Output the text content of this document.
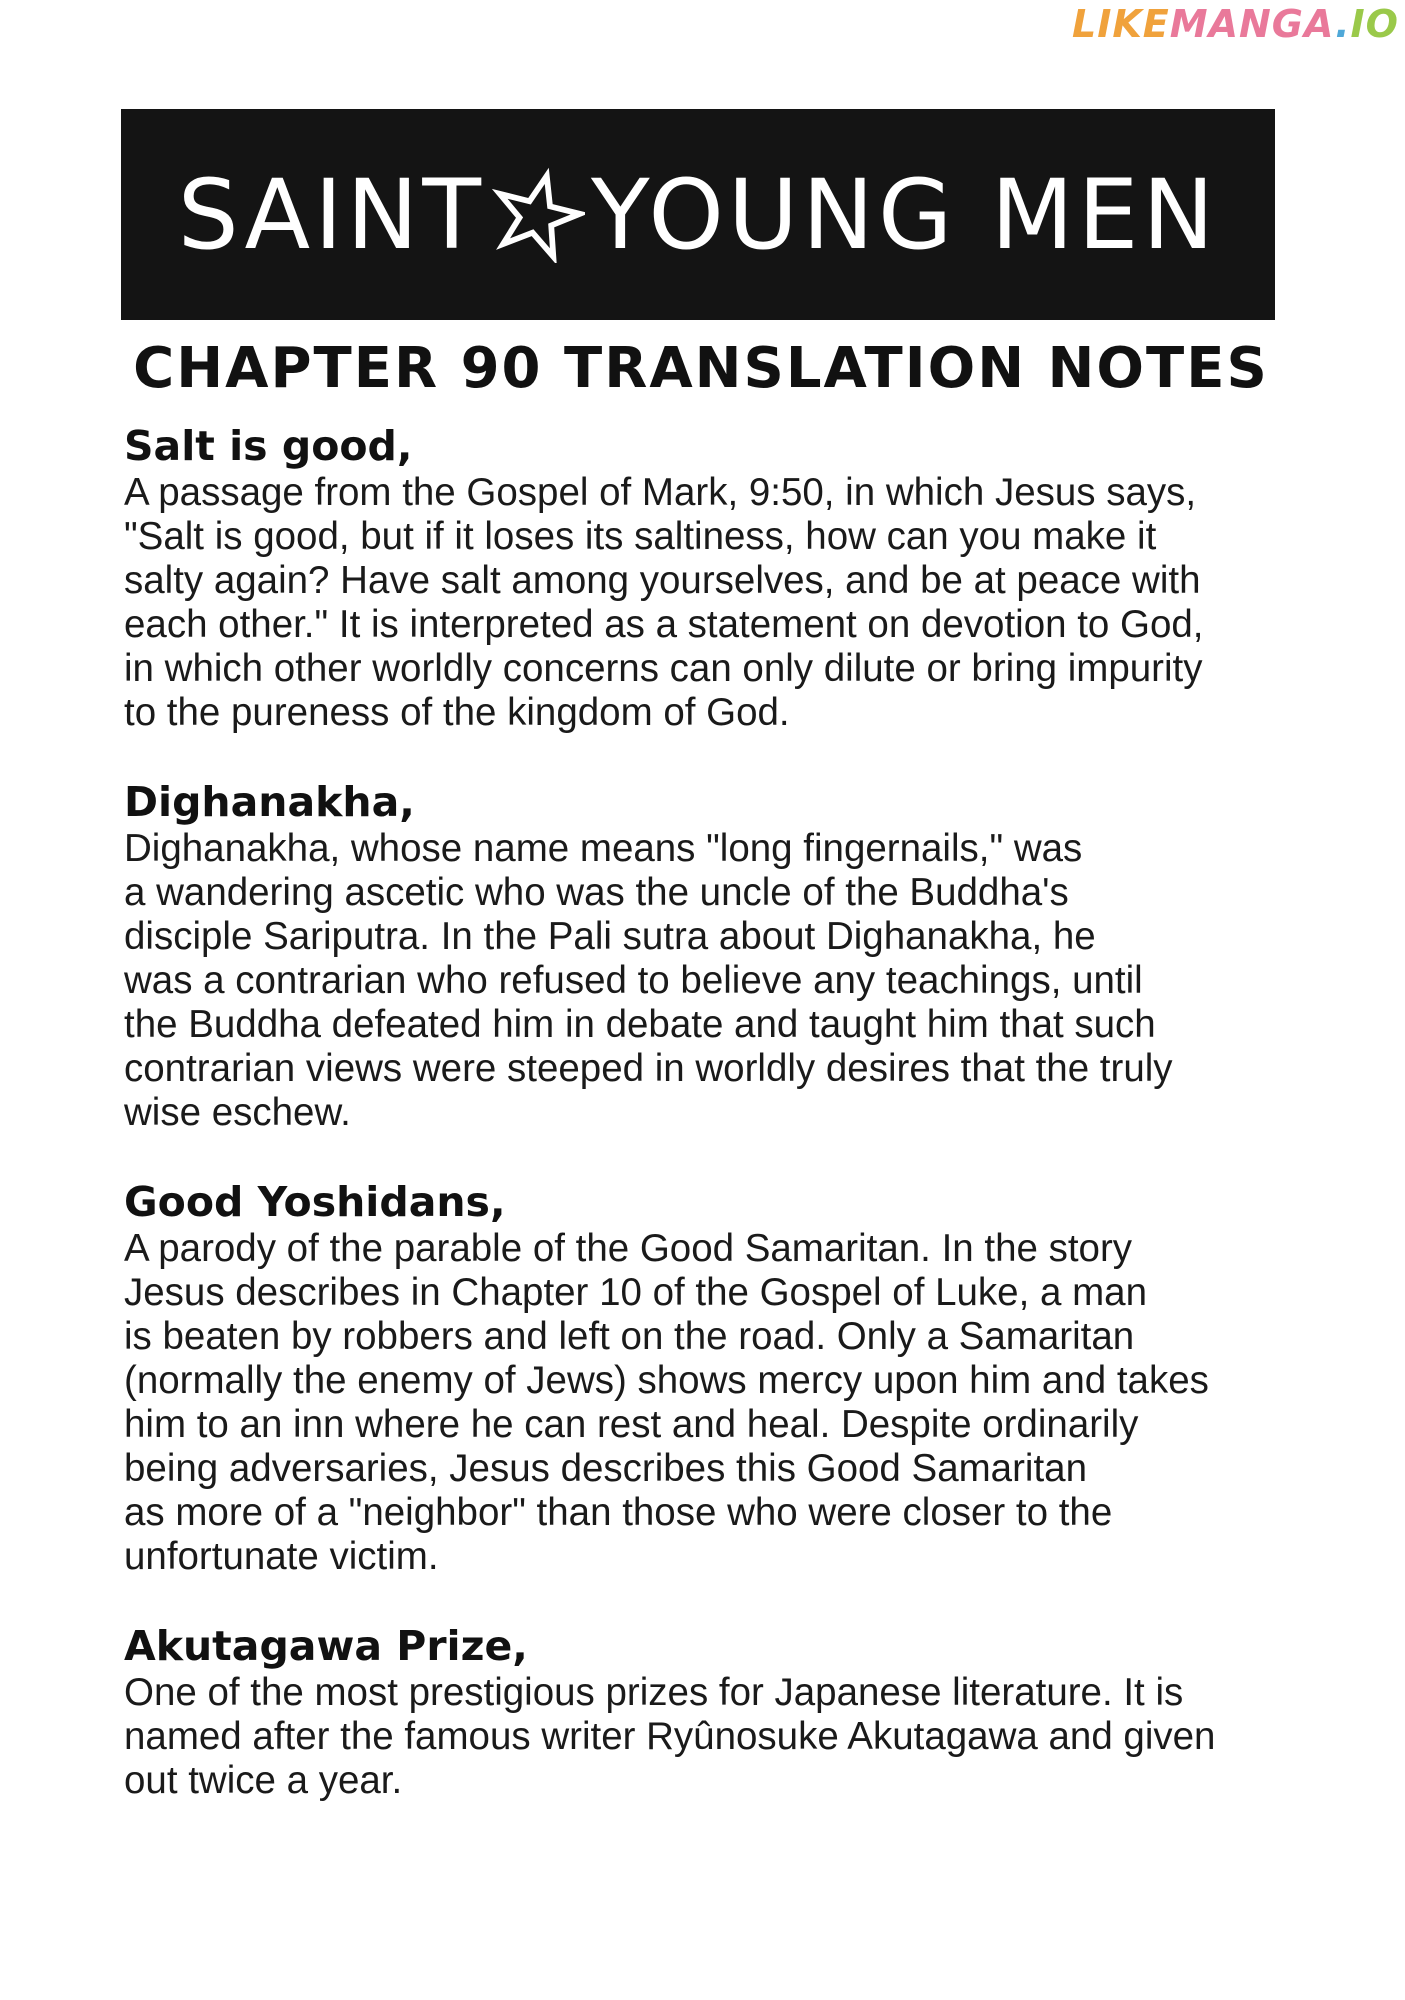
LIKEMANGA.IO
SAINT YOUNG MEN
CHAPTER 90 TRANSLATION NOTES
Salt is good,
A passage from the Gospel of Mark, 9:50, in which Jesus says,
"Salt is good, but if it loses its saltiness, how can you make it
salty again? Have salt among yourselves, and be at peace with
each other." It is interpreted as a statement on devotion to God,
in which other worldly concerns can only dilute or bring impurity
to the pureness of the kingdom of God.
Dighanakha,
Dighanakha, whose name means "long fingernails," was
a wandering ascetic who was the uncle of the Buddha's
disciple Sariputra. In the Pali sutra about Dighanakha, he
was a contrarian who refused to believe any teachings, until
the Buddha defeated him in debate and taught him that such
contrarian views were steeped in worldly desires that the truly
wise eschew.
Good Yoshidans,
A parody of the parable of the Good Samaritan. In the story
Jesus describes in Chapter 10 of the Gospel of Luke, a man
is beaten by robbers and left on the road. Only a Samaritan
(normally the enemy of Jews) shows mercy upon him and takes
him to an inn where he can rest and heal. Despite ordinarily
being adversaries, Jesus describes this Good Samaritan
as more of a "neighbor" than those who were closer to the
unfortunate victim.
Akutagawa Prize,
One of the most prestigious prizes for Japanese literature. It is
named after the famous writer Ryûnosuke Akutagawa and given
out twice a year.
